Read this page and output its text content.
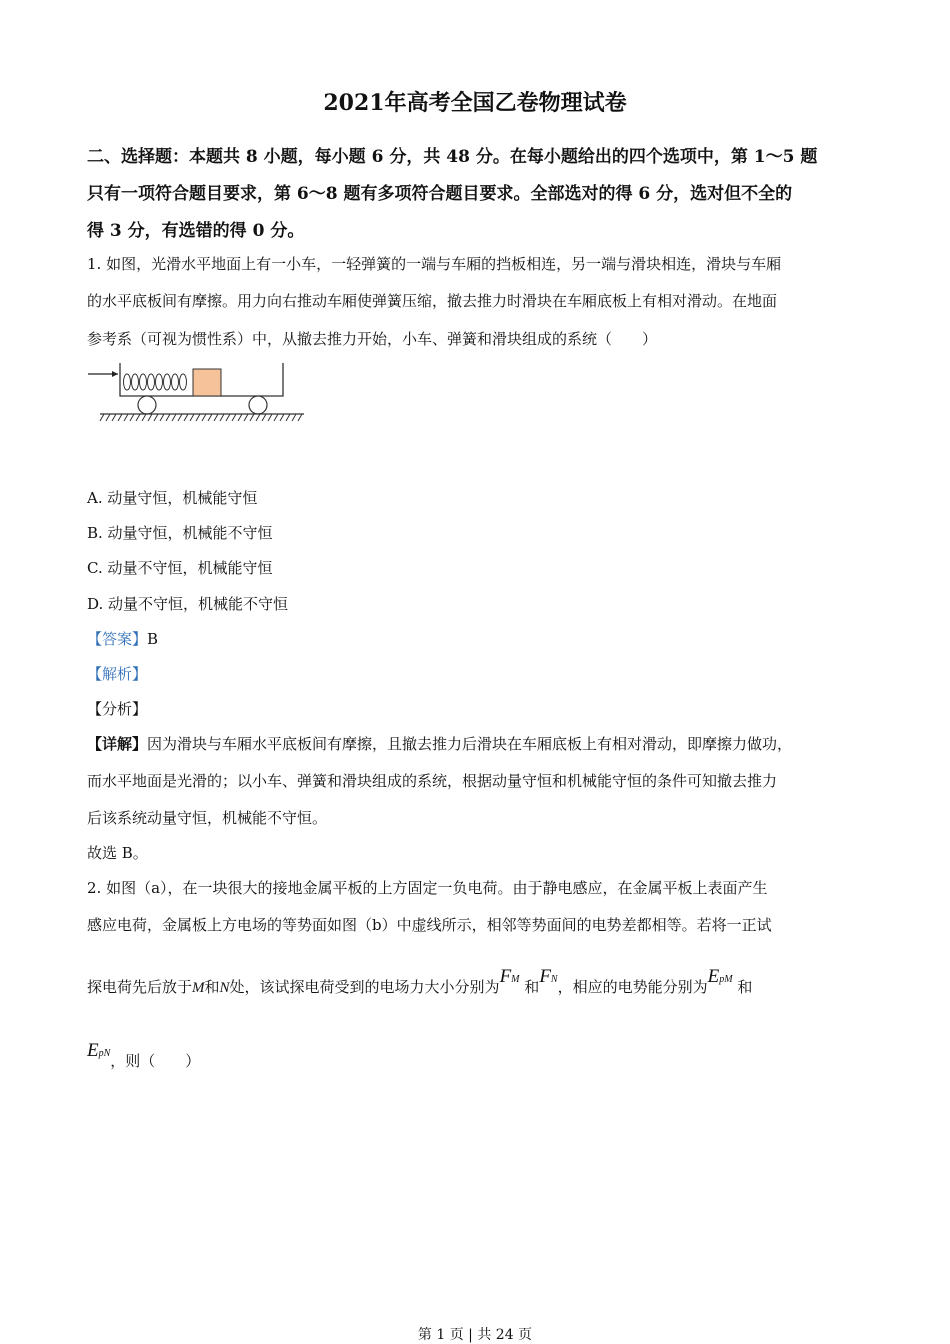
2021年高考全国乙卷物理试卷
二、选择题：本题共 8 小题，每小题 6 分，共 48 分。在每小题给出的四个选项中，第 1～5 题
只有一项符合题目要求，第 6～8 题有多项符合题目要求。全部选对的得 6 分，选对但不全的
得 3 分，有选错的得 0 分。
1. 如图，光滑水平地面上有一小车，一轻弹簧的一端与车厢的挡板相连，另一端与滑块相连，滑块与车厢
的水平底板间有摩擦。用力向右推动车厢使弹簧压缩，撤去推力时滑块在车厢底板上有相对滑动。在地面
参考系（可视为惯性系）中，从撤去推力开始，小车、弹簧和滑块组成的系统（　　）
A. 动量守恒，机械能守恒
B. 动量守恒，机械能不守恒
C. 动量不守恒，机械能守恒
D. 动量不守恒，机械能不守恒
【答案】B
【解析】
【分析】
【详解】因为滑块与车厢水平底板间有摩擦，且撤去推力后滑块在车厢底板上有相对滑动，即摩擦力做功，
而水平地面是光滑的；以小车、弹簧和滑块组成的系统，根据动量守恒和机械能守恒的条件可知撤去推力
后该系统动量守恒，机械能不守恒。
故选 B。
2. 如图（a），在一块很大的接地金属平板的上方固定一负电荷。由于静电感应，在金属平板上表面产生
感应电荷，金属板上方电场的等势面如图（b）中虚线所示，相邻等势面间的电势差都相等。若将一正试
探电荷先后放于M和N处，该试探电荷受到的电场力大小分别为FM 和FN，相应的电势能分别为EpM 和
EpN，则（　　）
第 1 页 | 共 24 页
